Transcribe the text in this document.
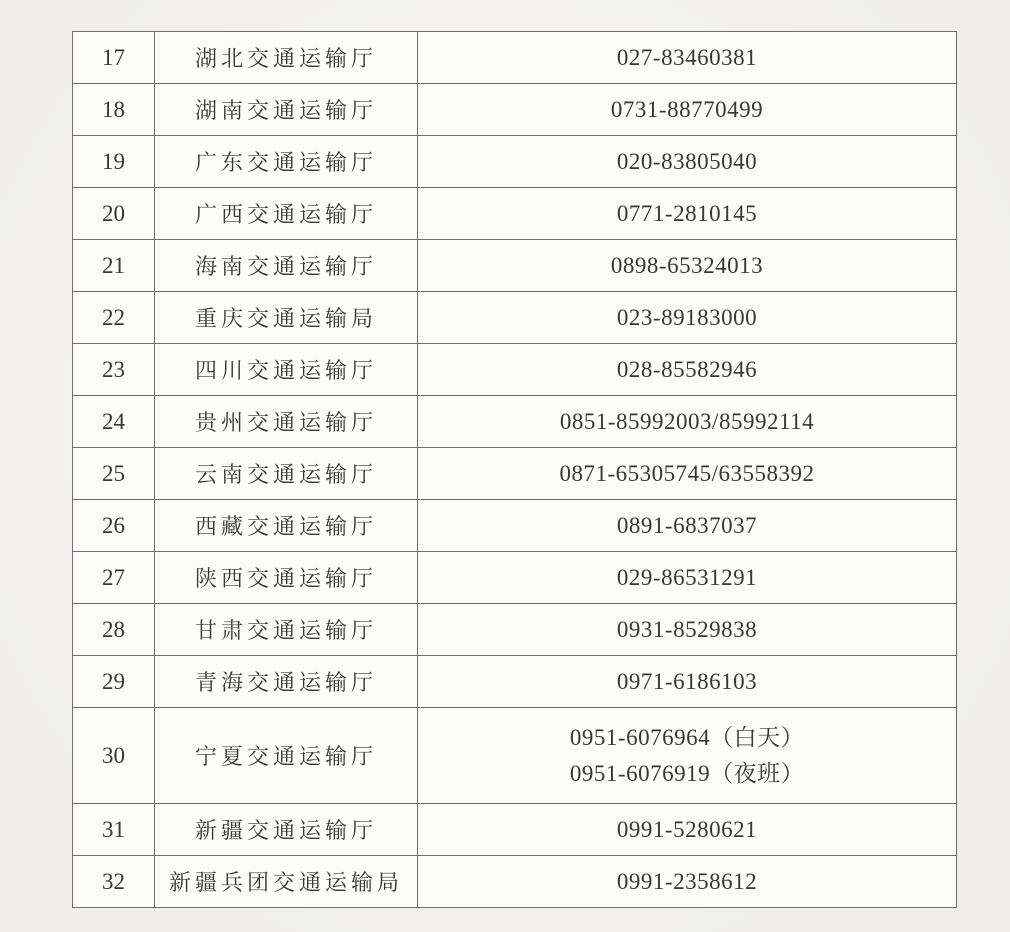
17	湖北交通运输厅	027-83460381

18	湖南交通运输厅	0731-88770499

19	广东交通运输厅	020-83805040

20	广西交通运输厅	0771-2810145

21	海南交通运输厅	0898-65324013

22	重庆交通运输局	023-89183000

23	四川交通运输厅	028-85582946

24	贵州交通运输厅	0851-85992003/85992114

25	云南交通运输厅	0871-65305745/63558392

26	西藏交通运输厅	0891-6837037

27	陕西交通运输厅	029-86531291

28	甘肃交通运输厅	0931-8529838

29	青海交通运输厅	0971-6186103

30	宁夏交通运输厅	0951-6076964（白天）
0951-6076919（夜班）

31	新疆交通运输厅	0991-5280621

32	新疆兵团交通运输局	0991-2358612
